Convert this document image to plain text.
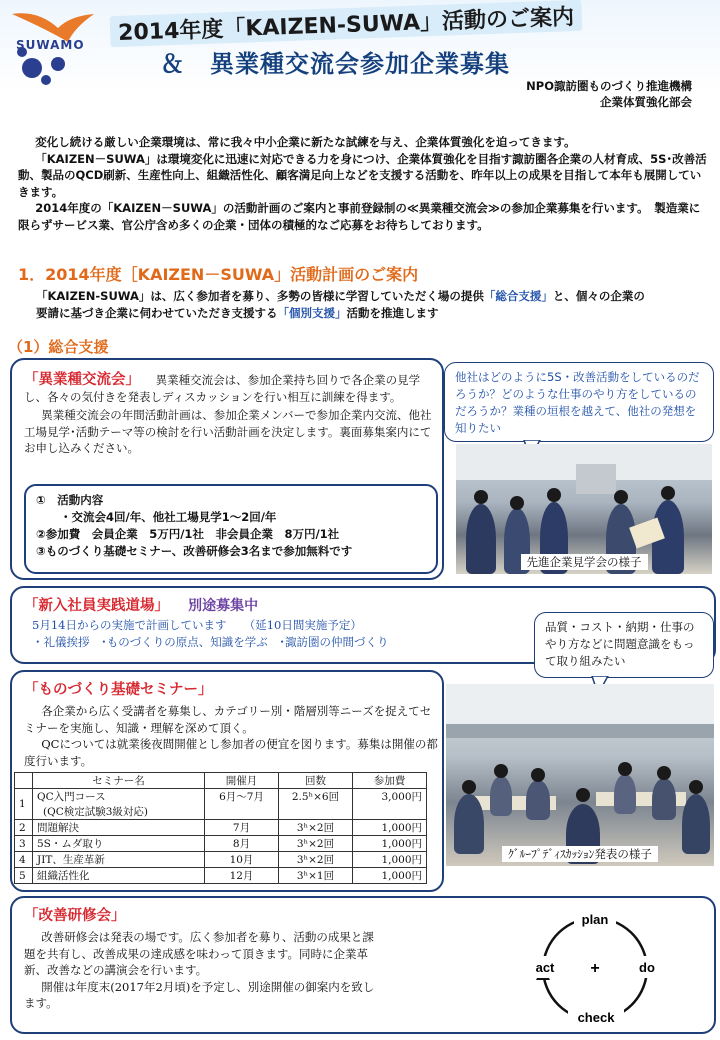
SUWAMO	2014年度「KAIZEN-SUWA」活動のご案内
＆　異業種交流会参加企業募集
NPO諏訪圏ものづくり推進機構
企業体質強化部会

変化し続ける厳しい企業環境は、常に我々中小企業に新たな試練を与え、企業体質強化を迫ってきます。

「KAIZEN－SUWA」は環境変化に迅速に対応できる力を身につけ、企業体質強化を目指す諏訪圏各企業の人材育成、5S･改善活動、製品のQCD刷新、生産性向上、組織活性化、顧客満足向上などを支援する活動を、昨年以上の成果を目指して本年も展開していきます。

2014年度の「KAIZEN－SUWA」の活動計画のご案内と事前登録制の≪異業種交流会≫の参加企業募集を行います。　製造業に限らずサービス業、官公庁含め多くの企業・団体の積極的なご応募をお待ちしております。

1．2014年度［KAIZEN－SUWA」活動計画のご案内
「KAIZEN-SUWA」は、広く参加者を募り、多勢の皆様に学習していただく場の提供「総合支援」と、個々の企業の
要請に基づき企業に伺わせていただき支援する「個別支援」活動を推進します
（1）総合支援
「異業種交流会」 異業種交流会は、参加企業持ち回りで各企業の見学し、各々の気付きを発表しディスカッションを行い相互に訓練を得ます。
異業種交流会の年間活動計画は、参加企業メンバーで参加企業内交流、他社工場見学･活動テーマ等の検討を行い活動計画を決定します。裏面募集案内にてお申し込みください。
①　活動内容
・交流会4回/年、他社工場見学1～2回/年
②参加費　会員企業　5万円/1社　非会員企業　8万円/1社
③ものづくり基礎セミナー、改善研修会3名まで参加無料です
他社はどのように5S・改善活動をしているのだろうか？どのような仕事のやり方をしているのだろうか？業種の垣根を越えて、他社の発想を知りたい
先進企業見学会の様子
「新入社員実践道場」 別途募集中
5月14日からの実施で計画しています　　（延10日間実施予定）
・礼儀挨拶　･ものづくりの原点、知識を学ぶ　･諏訪圏の仲間づくり
品質・コスト・納期・仕事のやり方などに問題意識をもって取り組みたい
「ものづくり基礎セミナー」
各企業から広く受講者を募集し、カテゴリー別・階層別等ニーズを捉えてセミナーを実施し、知識・理解を深めて頂く。
QCについては就業後夜間開催とし参加者の便宜を図ります。募集は開催の都度行います。
	セミナー名	開催月	回数	参加費
1	QC入門コース
(QC検定試験3級対応)	6月～7月	2.5ʰ×6回	3,000円
2	問題解決	7月	3ʰ×2回	1,000円
3	5S・ムダ取り	8月	3ʰ×2回	1,000円
4	JIT、生産革新	10月	3ʰ×2回	1,000円
5	組織活性化	12月	3ʰ×1回	1,000円
ｸﾞﾙｰﾌﾟﾃﾞｨｽｶｯｼｮﾝ発表の様子
「改善研修会」
改善研修会は発表の場です。広く参加者を募り、活動の成果と課題を共有し、改善成果の達成感を味わって頂きます。同時に企業革新、改善などの講演会を行います。
開催は年度末(2017年2月頃)を予定し、別途開催の御案内を致します。
plan
do
check
act +
